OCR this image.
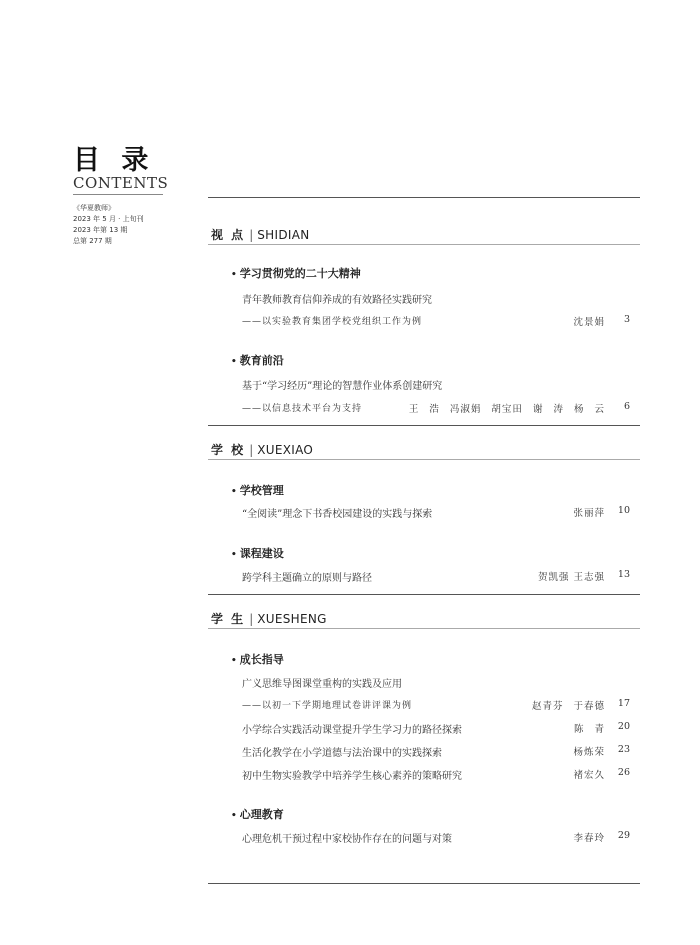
目 录
CONTENTS
《华夏教师》
2023 年 5 月 · 上旬刊
2023 年第 13 期
总第 277 期	视 点 | SHIDIAN
• 学习贯彻党的二十大精神
青年教师教育信仰养成的有效路径实践研究
——以实验教育集团学校党组织工作为例	沈景娟	3
• 教育前沿
基于“学习经历”理论的智慧作业体系创建研究
——以信息技术平台为支持	王 浩 冯淑娟 胡宝田 谢 涛 杨 云	6
学 校 | XUEXIAO
• 学校管理
“全阅读”理念下书香校园建设的实践与探索	张丽萍	10
• 课程建设
跨学科主题确立的原则与路径	贺凯强 王志强	13
学 生 | XUESHENG
• 成长指导
广义思维导图课堂重构的实践及应用
——以初一下学期地理试卷讲评课为例	赵青芬 于春德	17
小学综合实践活动课堂提升学生学习力的路径探索	陈 青	20
生活化教学在小学道德与法治课中的实践探索	杨炼荣	23
初中生物实验教学中培养学生核心素养的策略研究	褚宏久	26
• 心理教育
心理危机干预过程中家校协作存在的问题与对策	李春玲	29
